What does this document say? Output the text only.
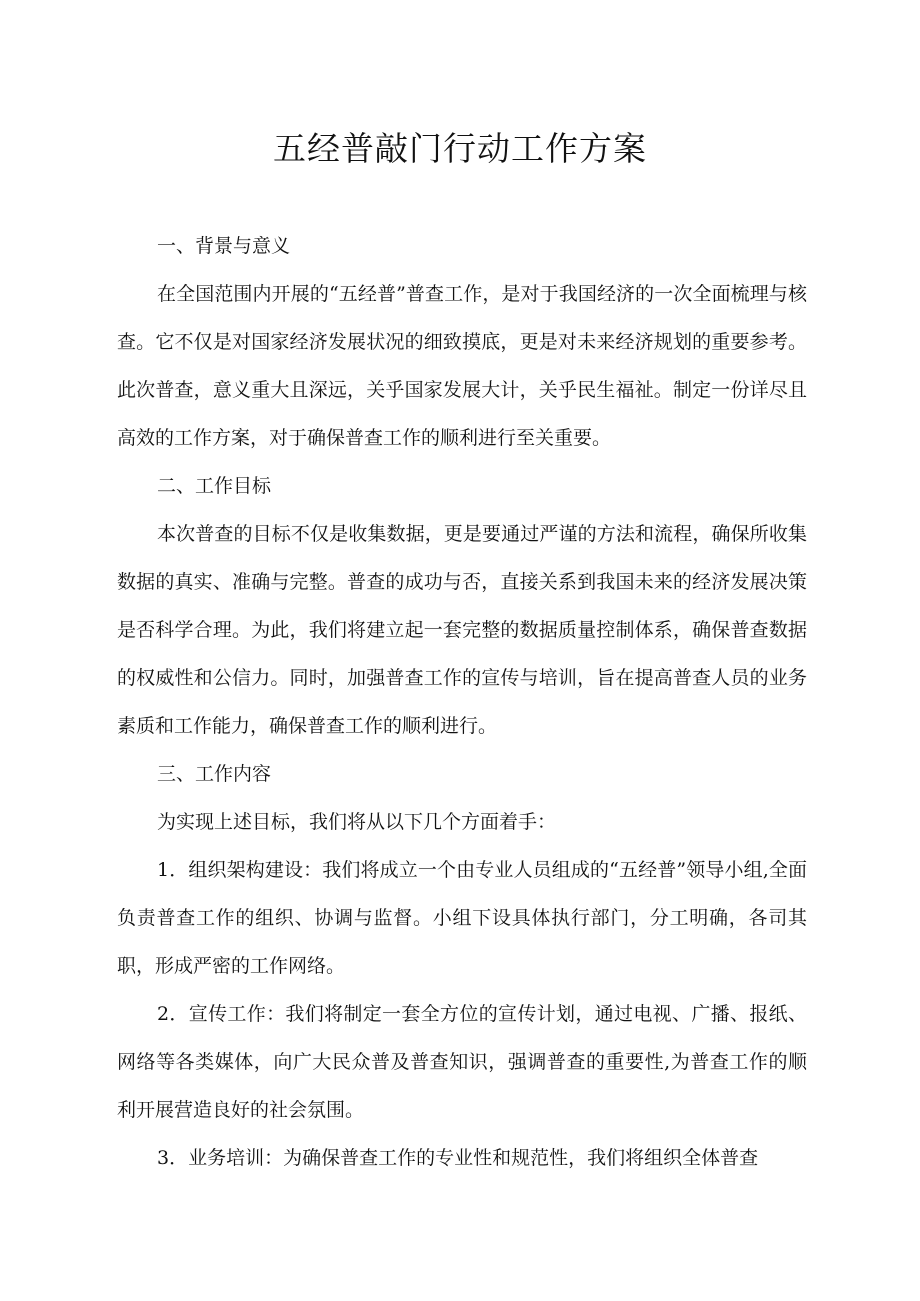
五经普敲门行动工作方案

一、背景与意义

在全国范围内开展的“五经普”普查工作，是对于我国经济的一次全面梳理与核查。它不仅是对国家经济发展状况的细致摸底，更是对未来经济规划的重要参考。此次普查，意义重大且深远，关乎国家发展大计，关乎民生福祉。制定一份详尽且高效的工作方案，对于确保普查工作的顺利进行至关重要。

二、工作目标

本次普查的目标不仅是收集数据，更是要通过严谨的方法和流程，确保所收集数据的真实、准确与完整。普查的成功与否，直接关系到我国未来的经济发展决策是否科学合理。为此，我们将建立起一套完整的数据质量控制体系，确保普查数据的权威性和公信力。同时，加强普查工作的宣传与培训，旨在提高普查人员的业务素质和工作能力，确保普查工作的顺利进行。

三、工作内容

为实现上述目标，我们将从以下几个方面着手：

1．组织架构建设：我们将成立一个由专业人员组成的“五经普”领导小组,全面负责普查工作的组织、协调与监督。小组下设具体执行部门，分工明确，各司其职，形成严密的工作网络。

2．宣传工作：我们将制定一套全方位的宣传计划，通过电视、广播、报纸、网络等各类媒体，向广大民众普及普查知识，强调普查的重要性,为普查工作的顺利开展营造良好的社会氛围。

3．业务培训：为确保普查工作的专业性和规范性，我们将组织全体普查
